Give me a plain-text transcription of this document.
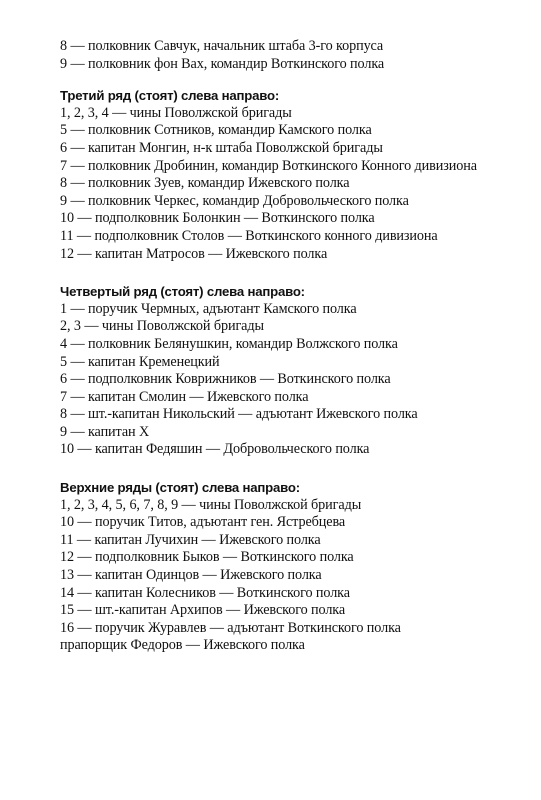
8 — полковник Савчук, начальник штаба 3-го корпуса
9 — полковник фон Вах, командир Воткинского полка
Третий ряд (стоят) слева направо:
1, 2, 3, 4 — чины Поволжской бригады
5 — полковник Сотников, командир Камского полка
6 — капитан Монгин, н-к штаба Поволжской бригады
7 — полковник Дробинин, командир Воткинского Конного дивизиона
8 — полковник Зуев, командир Ижевского полка
9 — полковник Черкес, командир Добровольческого полка
10 — подполковник Болонкин — Воткинского полка
11 — подполковник Столов — Воткинского конного дивизиона
12 — капитан Матросов — Ижевского полка
Четвертый ряд (стоят) слева направо:
1 — поручик Чермных, адъютант Камского полка
2, 3 — чины Поволжской бригады
4 — полковник Белянушкин, командир Волжского полка
5 — капитан Кременецкий
6 — подполковник Коврижников — Воткинского полка
7 — капитан Смолин — Ижевского полка
8 — шт.-капитан Никольский — адъютант Ижевского полка
9 — капитан X
10 — капитан Федяшин — Добровольческого полка
Верхние ряды (стоят) слева направо:
1, 2, 3, 4, 5, 6, 7, 8, 9 — чины Поволжской бригады
10 — поручик Титов, адъютант ген. Ястребцева
11 — капитан Лучихин — Ижевского полка
12 — подполковник Быков — Воткинского полка
13 — капитан Одинцов — Ижевского полка
14 — капитан Колесников — Воткинского полка
15 — шт.-капитан Архипов — Ижевского полка
16 — поручик Журавлев — адъютант Воткинского полка
прапорщик Федоров — Ижевского полка
